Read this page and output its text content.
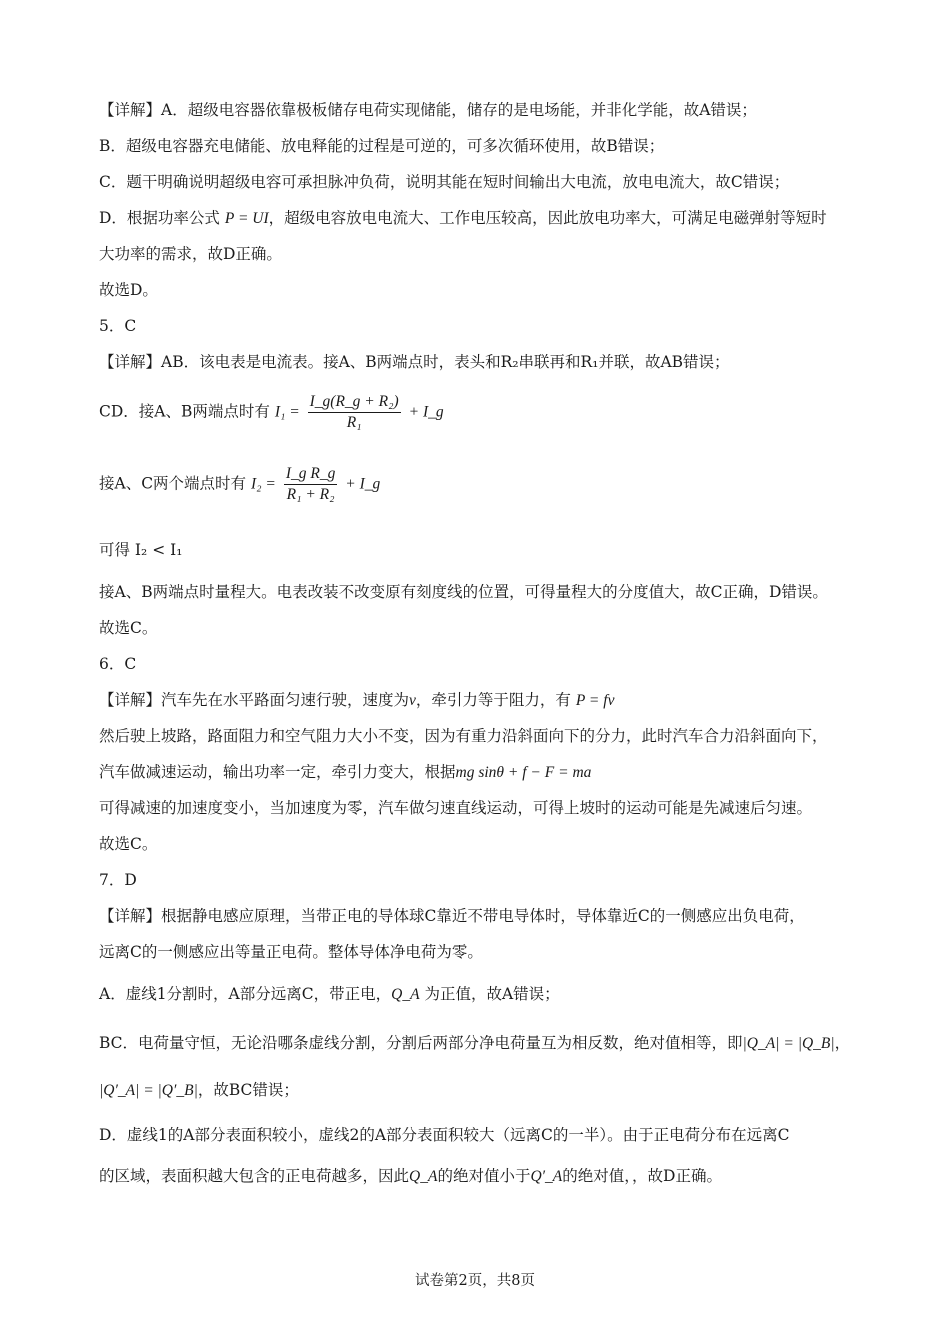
【详解】A．超级电容器依靠极板储存电荷实现储能，储存的是电场能，并非化学能，故A错误；
B．超级电容器充电储能、放电释能的过程是可逆的，可多次循环使用，故B错误；
C．题干明确说明超级电容可承担脉冲负荷，说明其能在短时间输出大电流，放电电流大，故C错误；
D．根据功率公式 P = UI，超级电容放电电流大、工作电压较高，因此放电功率大，可满足电磁弹射等短时
大功率的需求，故D正确。
故选D。
5．C
【详解】AB．该电表是电流表。接A、B两端点时，表头和R₂串联再和R₁并联，故AB错误；
CD．接A、B两端点时有 $I_1 = \frac{\text{I\_g(R\_g + R₂)}}{\text{R₁}}$ + I_g
接A、C两个端点时有 $I_2 = \frac{\text{I\_g R\_g}}{\text{R₁ + R₂}}$ + I_g
可得 I₂ < I₁
接A、B两端点时量程大。电表改装不改变原有刻度线的位置，可得量程大的分度值大，故C正确，D错误。
故选C。
6．C
【详解】汽车先在水平路面匀速行驶，速度为v，牵引力等于阻力，有 P = fv
然后驶上坡路，路面阻力和空气阻力大小不变，因为有重力沿斜面向下的分力，此时汽车合力沿斜面向下，
汽车做减速运动，输出功率一定，牵引力变大，根据mg sinθ + f − F = ma
可得减速的加速度变小，当加速度为零，汽车做匀速直线运动，可得上坡时的运动可能是先减速后匀速。
故选C。
7．D
【详解】根据静电感应原理，当带正电的导体球C靠近不带电导体时，导体靠近C的一侧感应出负电荷，
远离C的一侧感应出等量正电荷。整体导体净电荷为零。
A．虚线1分割时，A部分远离C，带正电，Q_A 为正值，故A错误；
BC．电荷量守恒，无论沿哪条虚线分割，分割后两部分净电荷量互为相反数，绝对值相等，即|Q_A| = |Q_B|，
|Q′_A| = |Q′_B|，故BC错误；
D．虚线1的A部分表面积较小，虚线2的A部分表面积较大（远离C的一半）。由于正电荷分布在远离C
的区域，表面积越大包含的正电荷越多，因此Q_A的绝对值小于Q′_A的绝对值，，故D正确。
试卷第2页，共8页
